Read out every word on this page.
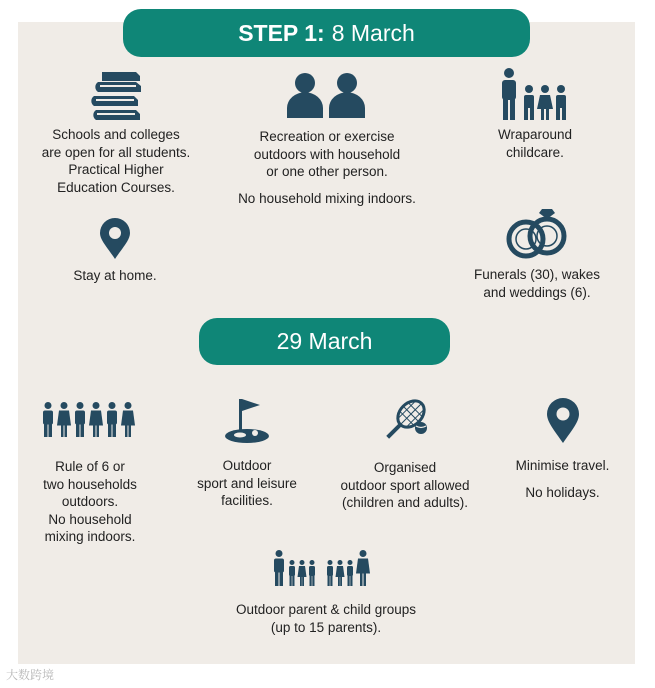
STEP 1: 8 March
Schools and colleges
are open for all students.
Practical Higher
Education Courses.
Recreation or exercise
outdoors with household
or one other person.
No household mixing indoors.
Wraparound
childcare.
Stay at home.	Funerals (30), wakes
and weddings (6).
29 March
Rule of 6 or
two households
outdoors.
No household
mixing indoors.
Outdoor
sport and leisure
facilities.
Organised
outdoor sport allowed
(children and adults).
Minimise travel.
No holidays.
Outdoor parent & child groups
(up to 15 parents).
大数跨境
